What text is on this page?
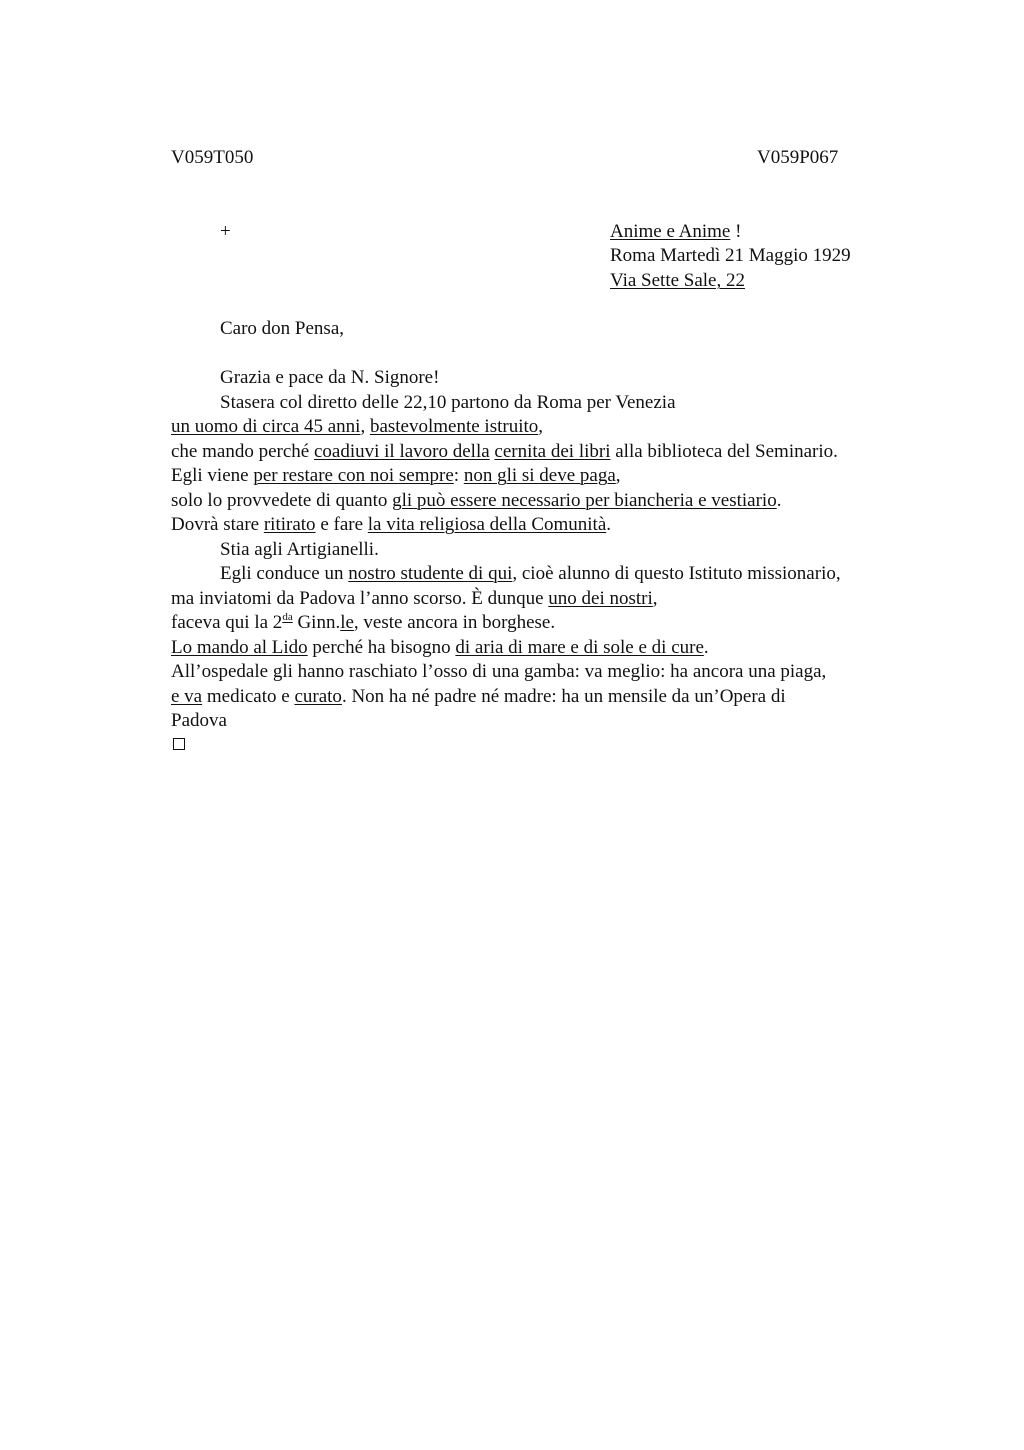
V059T050	V059P067
+	Anime e Anime !
Roma Martedì 21 Maggio 1929
Via Sette Sale, 22
Caro don Pensa,
Grazia e pace da N. Signore!
Stasera col diretto delle 22,10 partono da Roma per Venezia
un uomo di circa 45 anni, bastevolmente istruito,
che mando perché coadiuvi il lavoro della cernita dei libri alla biblioteca del Seminario.
Egli viene per restare con noi sempre: non gli si deve paga,
solo lo provvedete di quanto gli può essere necessario per biancheria e vestiario.
Dovrà stare ritirato e fare la vita religiosa della Comunità.
Stia agli Artigianelli.
Egli conduce un nostro studente di qui, cioè alunno di questo Istituto missionario,
ma inviatomi da Padova l’anno scorso. È dunque uno dei nostri,
faceva qui la $2^{da}$ Ginn.le, veste ancora in borghese.
Lo mando al Lido perché ha bisogno di aria di mare e di sole e di cure.
All’ospedale gli hanno raschiato l’osso di una gamba: va meglio: ha ancora una piaga,
e va medicato e curato. Non ha né padre né madre: ha un mensile da un’Opera di
Padova
